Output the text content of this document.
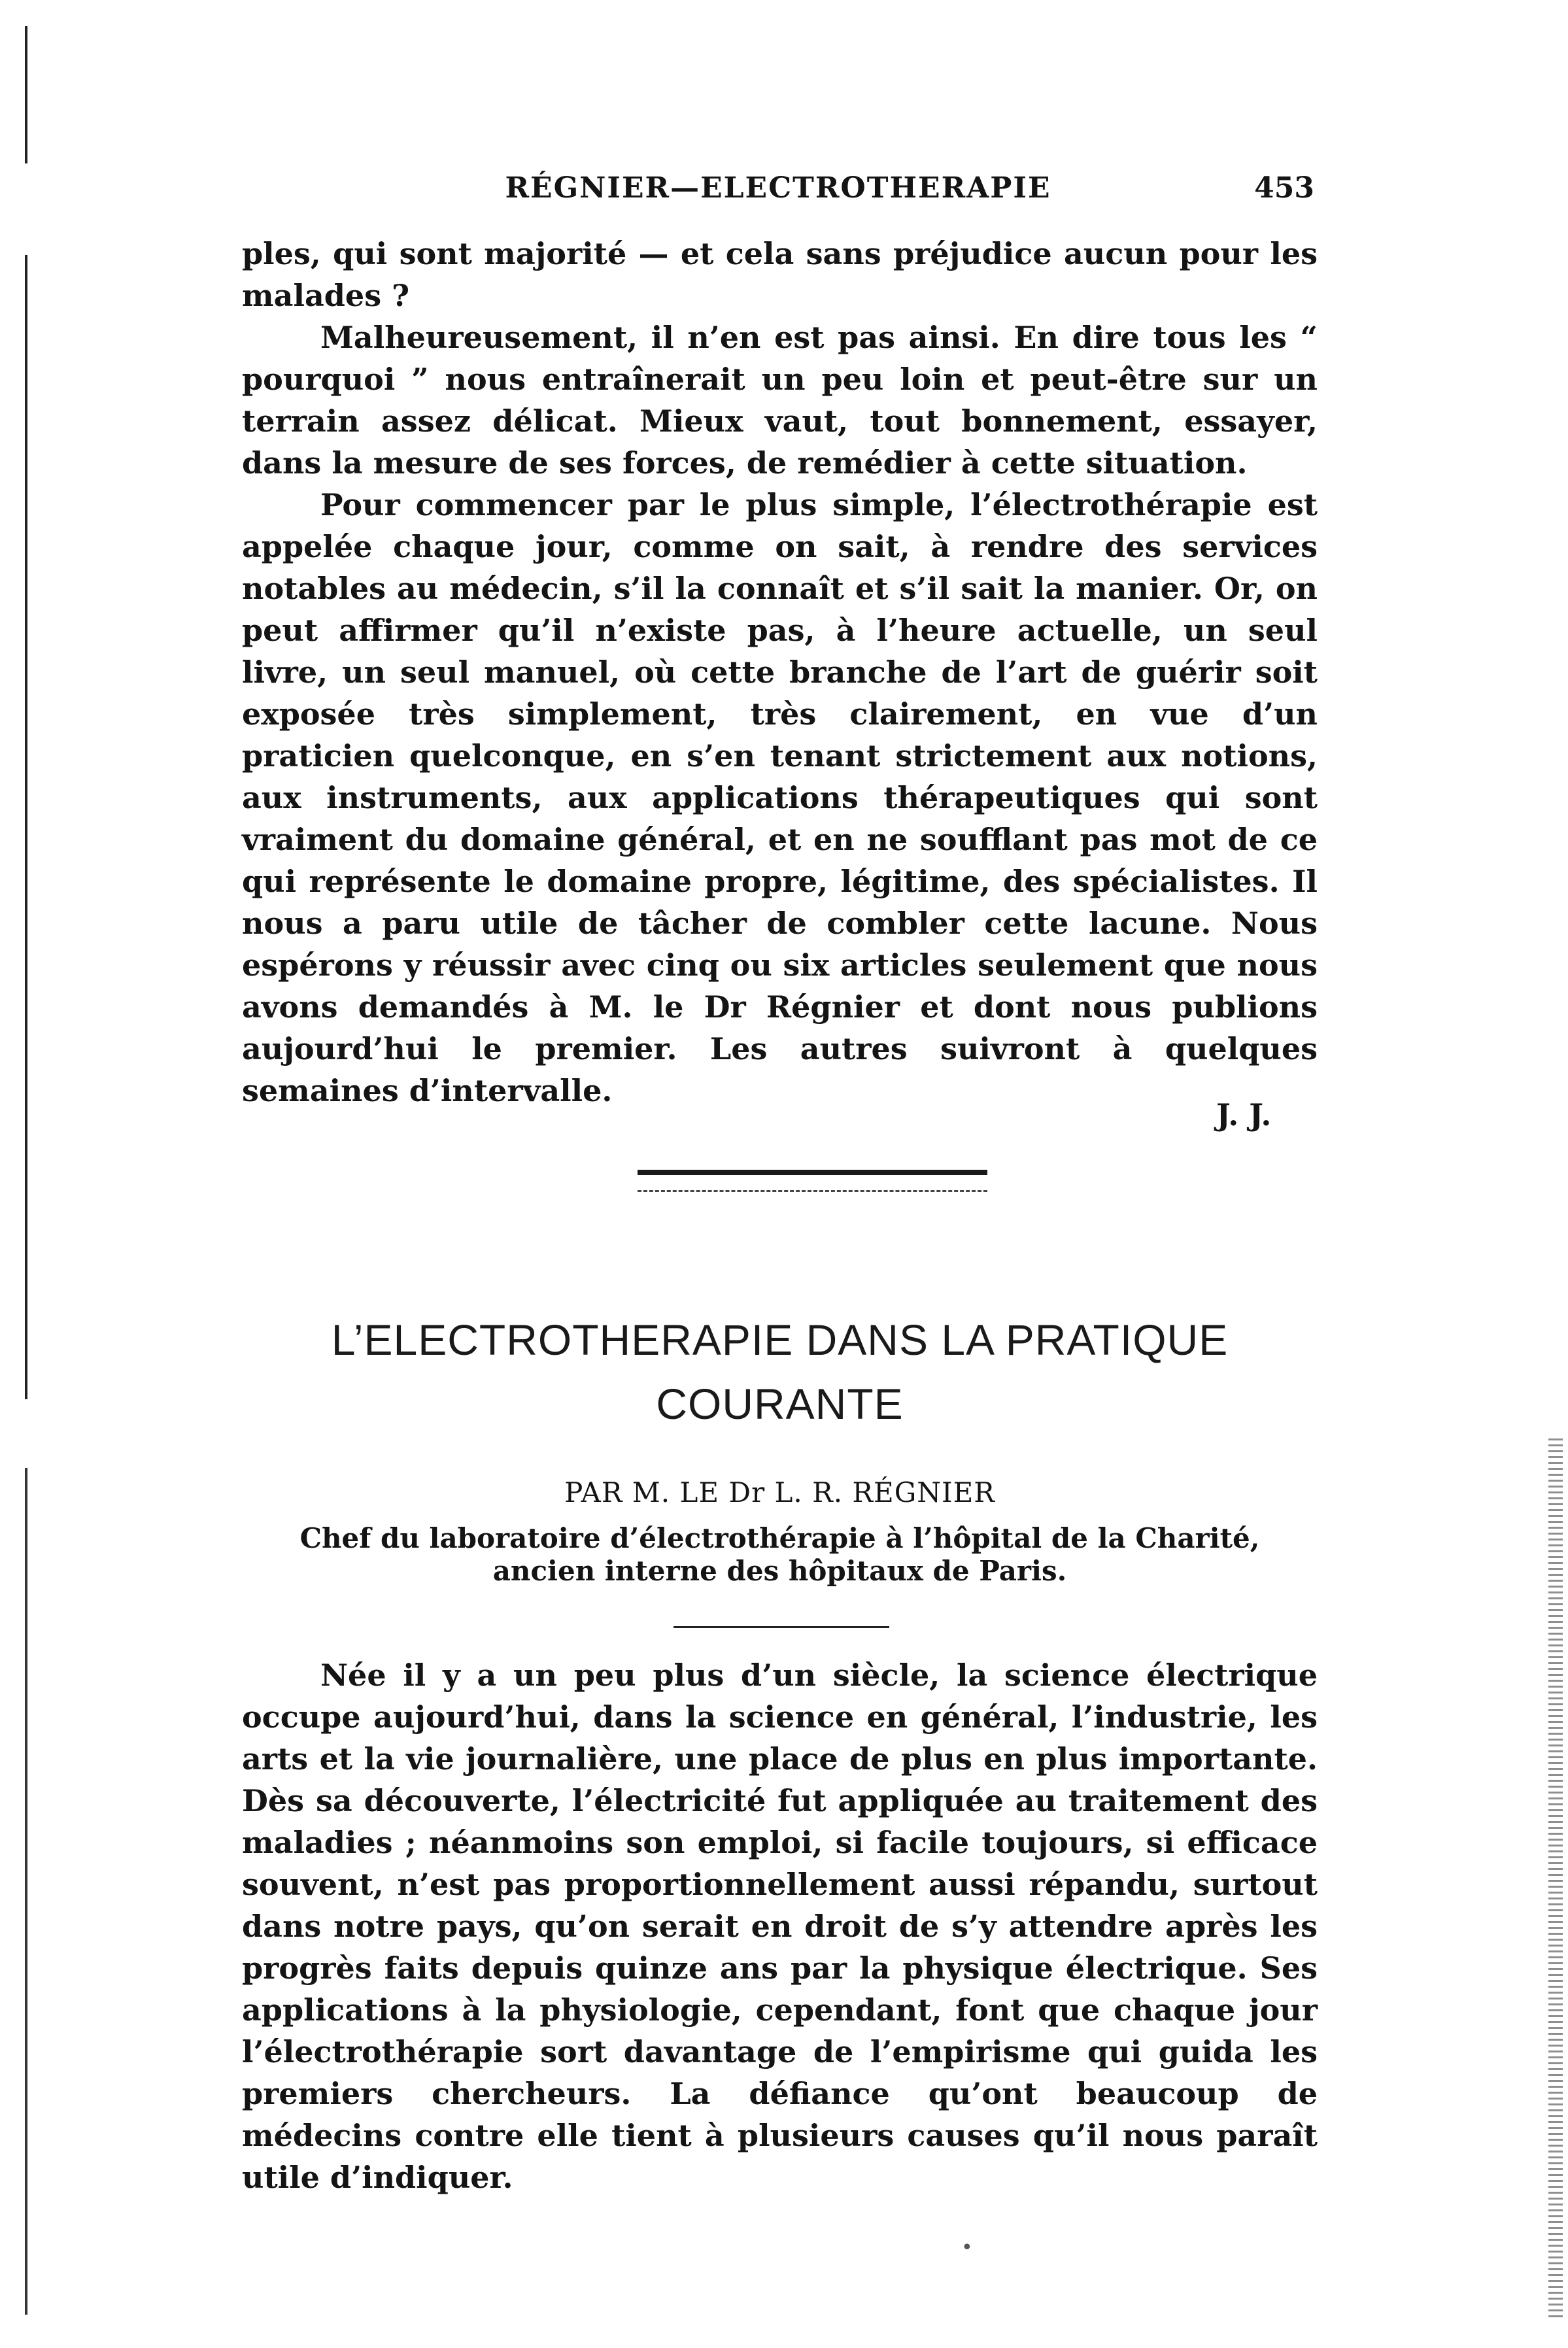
RÉGNIER—ELECTROTHERAPIE	453

ples, qui sont majorité — et cela sans préjudice aucun pour les malades ?

Malheureusement, il n’en est pas ainsi. En dire tous les “ pourquoi ” nous entraînerait un peu loin et peut-être sur un terrain assez délicat. Mieux vaut, tout bonnement, essayer, dans la mesure de ses forces, de remédier à cette situation.

Pour commencer par le plus simple, l’électrothérapie est appelée chaque jour, comme on sait, à rendre des services notables au médecin, s’il la connaît et s’il sait la manier. Or, on peut affirmer qu’il n’existe pas, à l’heure actuelle, un seul livre, un seul manuel, où cette branche de l’art de guérir soit exposée très simplement, très clairement, en vue d’un praticien quelconque, en s’en tenant strictement aux notions, aux instruments, aux applications thérapeutiques qui sont vraiment du domaine général, et en ne soufflant pas mot de ce qui représente le domaine propre, légitime, des spécialistes. Il nous a paru utile de tâcher de combler cette lacune. Nous espérons y réussir avec cinq ou six articles seulement que nous avons demandés à M. le Dr Régnier et dont nous publions aujourd’hui le premier. Les autres suivront à quelques semaines d’intervalle.

J. J.
L’ELECTROTHERAPIE DANS LA PRATIQUE
COURANTE
PAR M. LE Dr L. R. RÉGNIER
Chef du laboratoire d’électrothérapie à l’hôpital de la Charité,
ancien interne des hôpitaux de Paris.

Née il y a un peu plus d’un siècle, la science électrique occupe aujourd’hui, dans la science en général, l’industrie, les arts et la vie journalière, une place de plus en plus importante. Dès sa découverte, l’électricité fut appliquée au traitement des maladies ; néanmoins son emploi, si facile toujours, si efficace souvent, n’est pas proportionnellement aussi répandu, surtout dans notre pays, qu’on serait en droit de s’y attendre après les progrès faits depuis quinze ans par la physique électrique. Ses applications à la physiologie, cependant, font que chaque jour l’électrothérapie sort davantage de l’empirisme qui guida les premiers chercheurs. La défiance qu’ont beaucoup de médecins contre elle tient à plusieurs causes qu’il nous paraît utile d’indiquer.

•
